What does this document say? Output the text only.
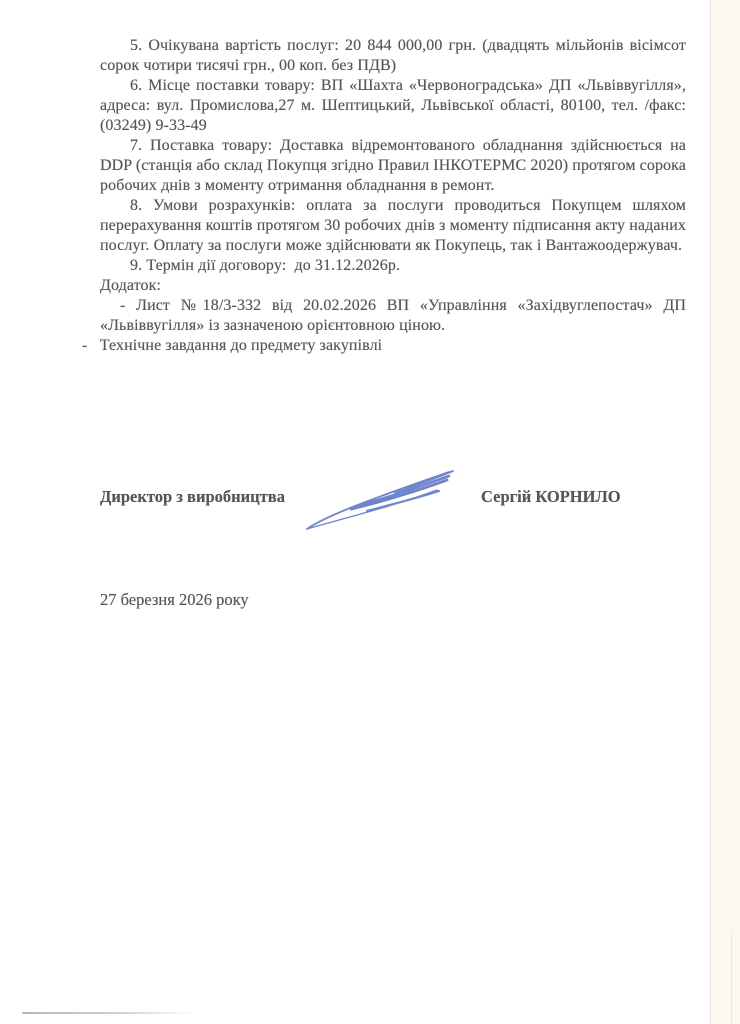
5. Очікувана вартість послуг: 20 844 000,00 грн. (двадцять мільйонів вісімсот сорок чотири тисячі грн., 00 коп. без ПДВ)

6. Місце поставки товару: ВП «Шахта «Червоноградська» ДП «Львіввугілля», адреса: вул. Промислова,27 м. Шептицький, Львівської області, 80100, тел. /факс: (03249) 9-33-49

7. Поставка товару: Доставка відремонтованого обладнання здійснюється на DDP (станція або склад Покупця згідно Правил ІНКОТЕРМС 2020) протягом сорока робочих днів з моменту отримання обладнання в ремонт.

8. Умови розрахунків: оплата за послуги проводиться Покупцем шляхом перерахування коштів протягом 30 робочих днів з моменту підписання акту наданих послуг. Оплату за послуги може здійснювати як Покупець, так і Вантажоодержувач.

9. Термін дії договору:  до 31.12.2026р.

Додаток:

- Лист №18/3-332 від 20.02.2026 ВП «Управління «Західвуглепостач» ДП «Львіввугілля» із зазначеною орієнтовною ціною.

-   Технічне завдання до предмету закупівлі

Директор з виробництва	Сергій КОРНИЛО
27 березня 2026 року
